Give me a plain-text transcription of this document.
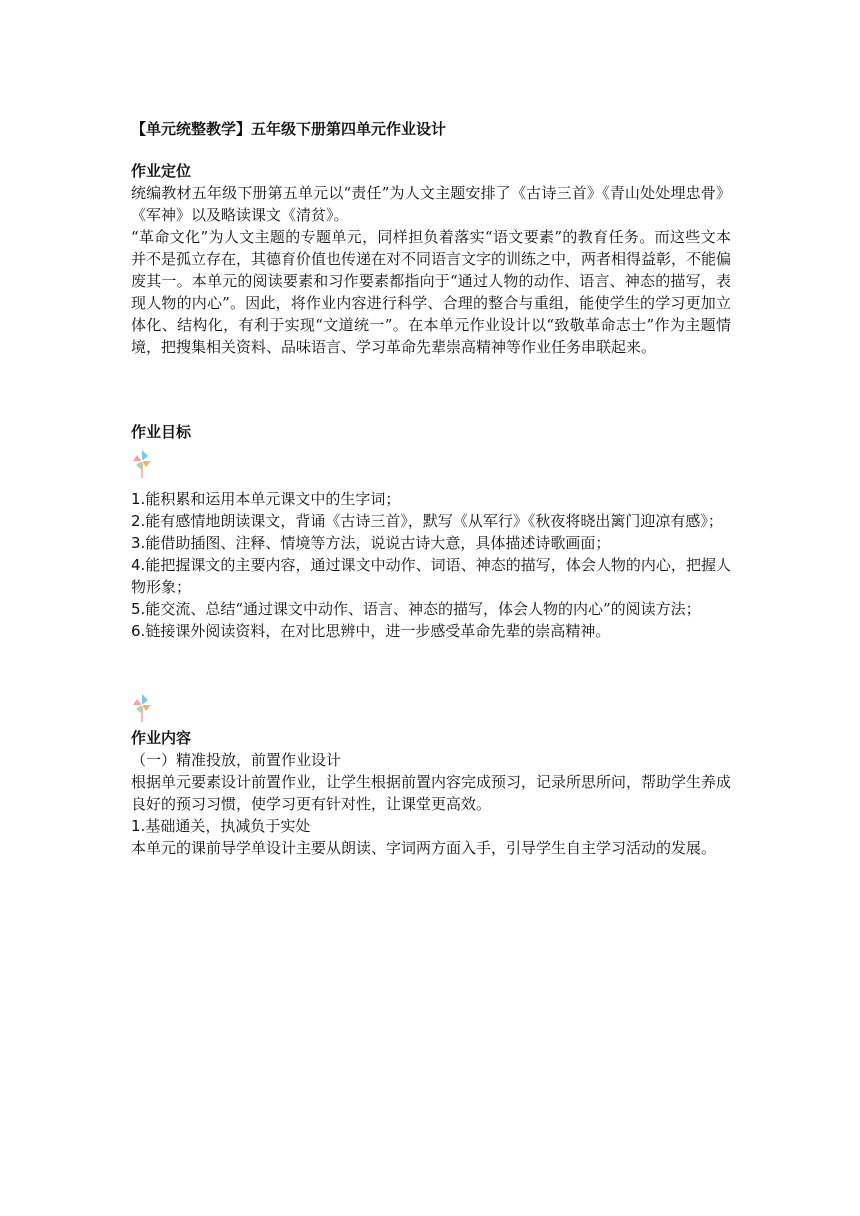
【单元统整教学】五年级下册第四单元作业设计
作业定位

统编教材五年级下册第五单元以“责任”为人文主题安排了《古诗三首》《青山处处埋忠骨》《军神》以及略读课文《清贫》。

“革命文化”为人文主题的专题单元，同样担负着落实“语文要素”的教育任务。而这些文本并不是孤立存在，其德育价值也传递在对不同语言文字的训练之中，两者相得益彰，不能偏废其一。本单元的阅读要素和习作要素都指向于“通过人物的动作、语言、神态的描写，表现人物的内心”。因此，将作业内容进行科学、合理的整合与重组，能使学生的学习更加立体化、结构化，有利于实现“文道统一”。在本单元作业设计以“致敬革命志士”作为主题情境，把搜集相关资料、品味语言、学习革命先辈崇高精神等作业任务串联起来。

作业目标

1.能积累和运用本单元课文中的生字词；

2.能有感情地朗读课文，背诵《古诗三首》，默写《从军行》《秋夜将晓出篱门迎凉有感》；

3.能借助插图、注释、情境等方法，说说古诗大意，具体描述诗歌画面；

4.能把握课文的主要内容，通过课文中动作、词语、神态的描写，体会人物的内心，把握人物形象；

5.能交流、总结“通过课文中动作、语言、神态的描写，体会人物的内心”的阅读方法；

6.链接课外阅读资料，在对比思辨中，进一步感受革命先辈的崇高精神。

作业内容

（一）精准投放，前置作业设计

根据单元要素设计前置作业，让学生根据前置内容完成预习，记录所思所问，帮助学生养成良好的预习习惯，使学习更有针对性，让课堂更高效。

1.基础通关，执减负于实处

本单元的课前导学单设计主要从朗读、字词两方面入手，引导学生自主学习活动的发展。
